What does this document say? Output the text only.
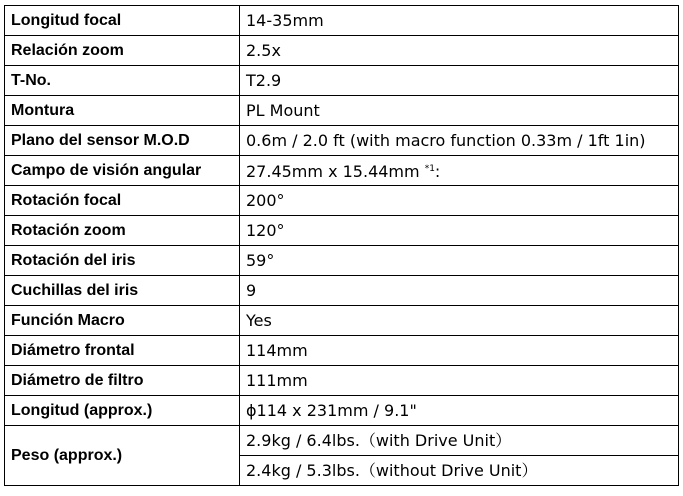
Longitud focal	14-35mm
Relación zoom	2.5x
T-No.	T2.9
Montura	PL Mount
Plano del sensor M.O.D	0.6m / 2.0 ft (with macro function 0.33m / 1ft 1in)
Campo de visión angular	27.45mm x 15.44mm $^{*1}$:
Rotación focal	200°
Rotación zoom	120°
Rotación del iris	59°
Cuchillas del iris	9
Función Macro	Yes
Diámetro frontal	114mm
Diámetro de filtro	111mm
Longitud (approx.)	ϕ114 x 231mm / 9.1"
Peso (approx.)	2.9kg / 6.4lbs.（with Drive Unit）
	2.4kg / 5.3lbs.（without Drive Unit）
